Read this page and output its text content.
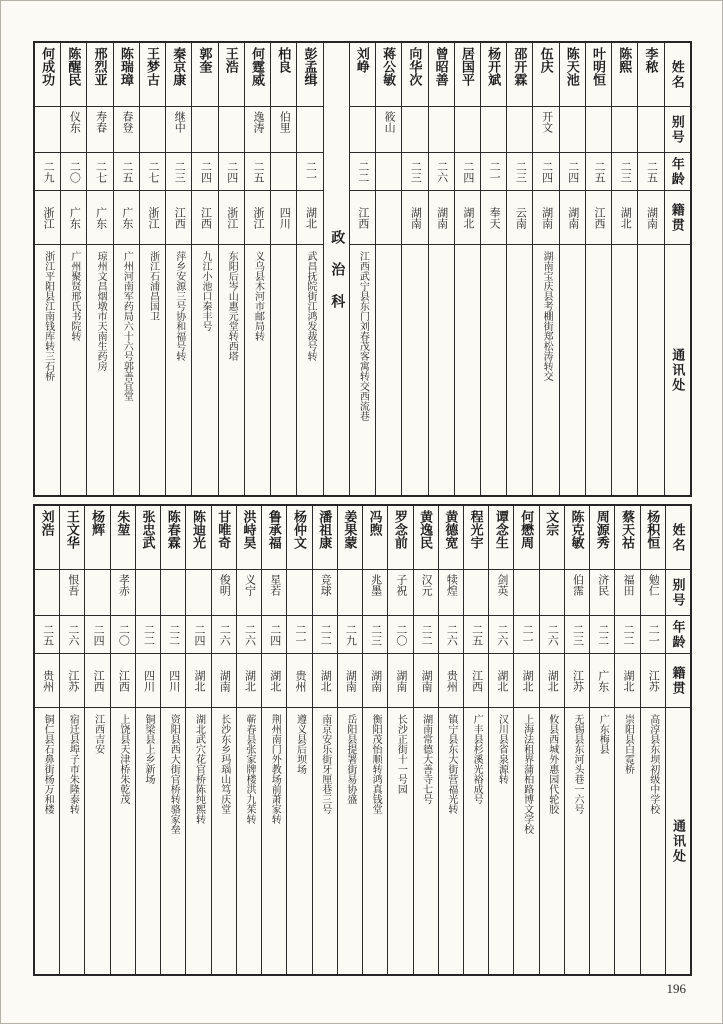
何成功
二九
浙江
浙江平阳县江南钱库转三石桥
陈醒民
仪东
二〇
广东
广州聚贤邢氏书院转
邢烈亚
寿春
二七
广东
琼州文昌烟墩市天南生药房
陈瑞璋
春登
二五
广东
广州河南军药局六十六号郭善宜堂
王梦古
二七
浙江
浙江石浦昌国卫
秦京康
继中
二三
江西
萍乡安源三号协和福号转
郭奎
二四
江西
九江小池口秦丰号
王浩
二四
浙江
东阳后岑山惠元堂转西塔
何霆威
逸涛
二五
浙江
义乌县木河市邮局转
柏良
伯里
四川
彭孟缉
二一
湖北
武昌抚院街江鸿发裁号转 政治科
刘峥
二二
江西
江西武宁县东门刘春茂客寓转交西流巷
蒋公敏
筱山
向华次
二三
湖南
曾昭善
二六
湖南
居国平
二四
湖北
杨开斌
二一
奉天
邵开霖
二三
云南
伍庆
开文
二四
湖南
湖南宝庆县考棚街郑松涛转交
陈天池
二四
湖南
叶明恒
二五
江西
陈熙
二三
湖北
李秾
二五
湖南
姓名
别号
年龄
籍贯
通讯处
刘浩
二五
贵州
铜仁县石鼻街杨万和楼
王文华
恨吾
二六
江苏
宿迁县埠子市朱隆泰转
杨辉
二四
江西
江西吉安
朱堃
孝赤
二〇
江西
上饶县天津桥朱乾茂
张忠武
二二
四川
铜梁县上乡新场
陈春霖
二二
四川
资阳县西大街官桥转骆家垒
陈迪光
二四
湖北
湖北武穴花官桥陈纯熙转
甘唯奇
俊明
二六
湖南
长沙东乡玛瑙山笃庆堂
洪峙昊
义宁
二六
湖北
蕲春县张家牌楼洪九茱转
鲁承福
星若
二四
湖北
荆州南门外教场前萧家转
杨仲文
二一
贵州
遵义县后坝场
潘祖康
竞球
二二
湖北
南京安乐街牙厘巷三号
姜果蒙
二九
湖南
岳阳县提署街易协盛
冯煦
兆墨
二三
湖南
衡阳茂怡顺转鸿真钱堂
罗念前
子祝
二〇
湖南
长沙正街十一号园
黄逸民
汉元
二二
湖南
湖南常德大善寺七号
黄德宽
犊煌
二六
贵州
镇宁县东大街营福光转
程光宇
二五
江西
广丰县杉溪光裕成号
谭念生
剑英
二六
湖北
汉川县省泉源转
何懋周
二一
湖北
上海法租界蒲柏路博文学校
文宗
二六
湖北
攸县西城外惠园代轮胶
陈克敏
伯霈
二三
江苏
无锡县东河头巷一六号
周源秀
济民
二二
广东
广东梅县
蔡天祜
福田
二二
湖北
崇阳县白霓桥
杨积恒
勉仁
二一
江苏
高淳县东坝初级中学校
姓名
别号
年龄
籍贯
通讯处
196
